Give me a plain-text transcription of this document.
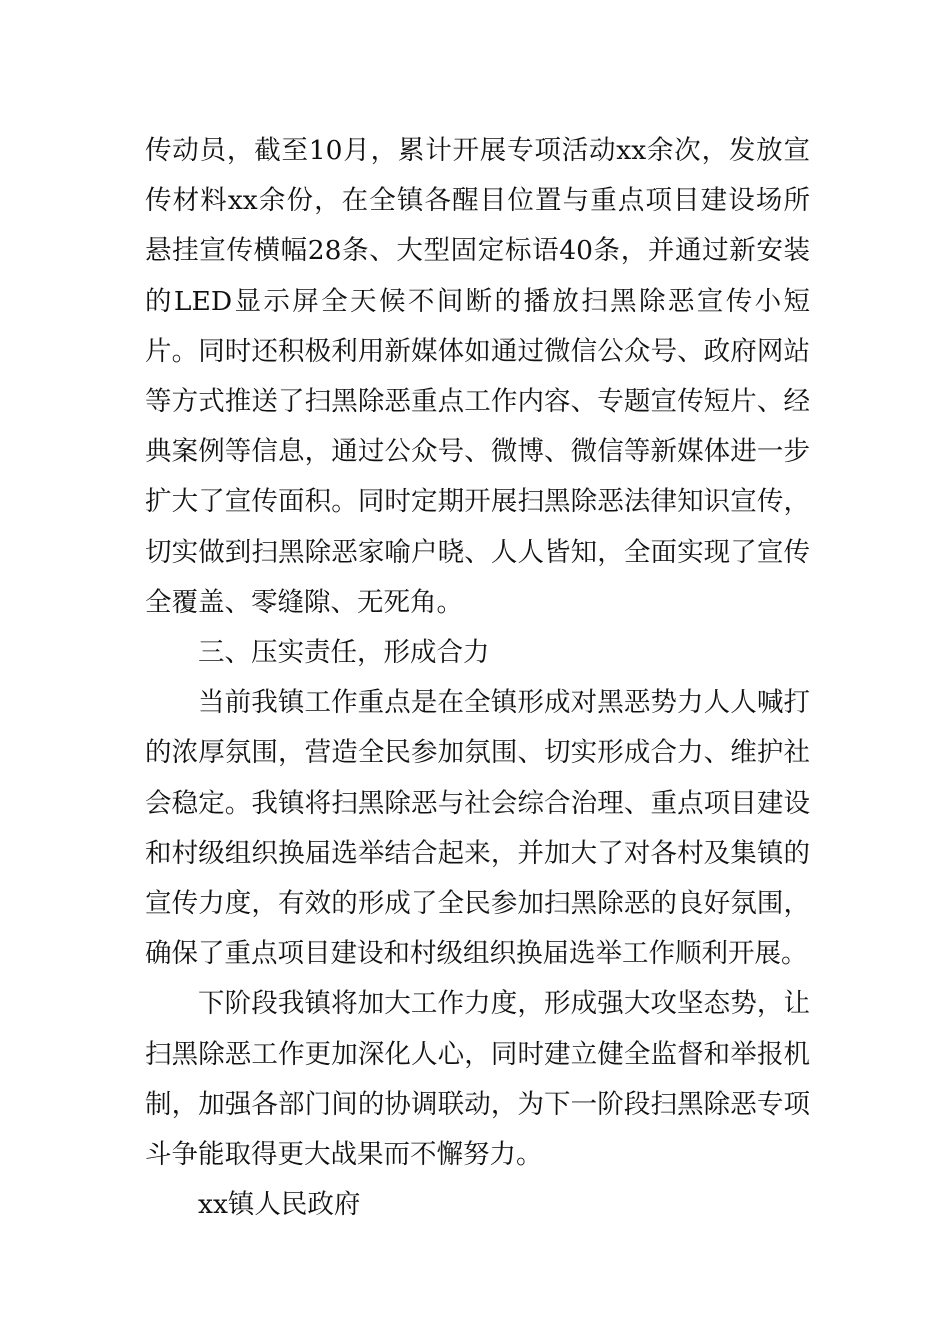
传动员，截至10月，累计开展专项活动xx余次，发放宣传材料xx余份，在全镇各醒目位置与重点项目建设场所悬挂宣传横幅28条、大型固定标语40条，并通过新安装的LED显示屏全天候不间断的播放扫黑除恶宣传小短片。同时还积极利用新媒体如通过微信公众号、政府网站等方式推送了扫黑除恶重点工作内容、专题宣传短片、经典案例等信息，通过公众号、微博、微信等新媒体进一步扩大了宣传面积。同时定期开展扫黑除恶法律知识宣传，切实做到扫黑除恶家喻户晓、人人皆知，全面实现了宣传全覆盖、零缝隙、无死角。

三、压实责任，形成合力

当前我镇工作重点是在全镇形成对黑恶势力人人喊打的浓厚氛围，营造全民参加氛围、切实形成合力、维护社会稳定。我镇将扫黑除恶与社会综合治理、重点项目建设和村级组织换届选举结合起来，并加大了对各村及集镇的宣传力度，有效的形成了全民参加扫黑除恶的良好氛围，确保了重点项目建设和村级组织换届选举工作顺利开展。

下阶段我镇将加大工作力度，形成强大攻坚态势，让扫黑除恶工作更加深化人心，同时建立健全监督和举报机制，加强各部门间的协调联动，为下一阶段扫黑除恶专项斗争能取得更大战果而不懈努力。

xx镇人民政府
